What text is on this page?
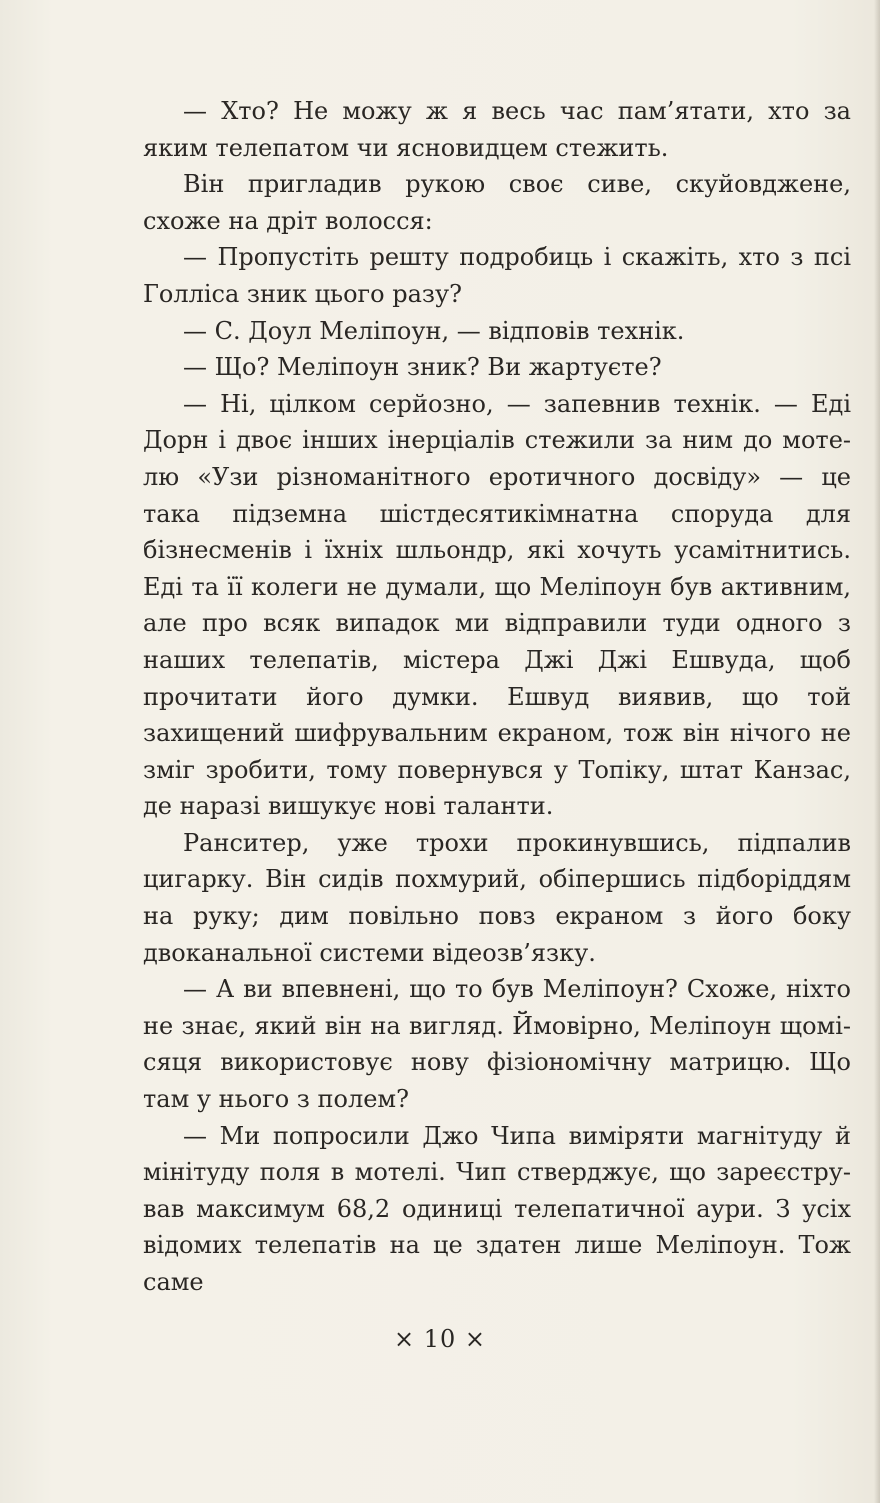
— Хто? Не можу ж я весь час пам’ятати, хто за яким телепатом чи ясновидцем стежить.

Він пригладив рукою своє сиве, скуйовджене, схоже на дріт волосся:

— Пропустіть решту подробиць і скажіть, хто з псі Голліса зник цього разу?

— С. Доул Меліпоун, — відповів технік.

— Що? Меліпоун зник? Ви жартуєте?

— Ні, цілком серйозно, — запевнив технік. — Еді Дорн і двоє інших інерціалів стежили за ним до мотелю «Узи різноманітного еротичного досвіду» — це така підземна шістдесятикімнатна споруда для бізнесменів і їхніх шльондр, які хочуть усамітнитись. Еді та її колеги не думали, що Меліпоун був активним, але про всяк випадок ми відправили туди одного з наших телепатів, містера Джі Джі Ешвуда, щоб прочитати його думки. Ешвуд виявив, що той захищений шифрувальним екраном, тож він нічого не зміг зробити, тому повернувся у Топіку, штат Канзас, де наразі вишукує нові таланти.

Ранситер, уже трохи прокинувшись, підпалив цигарку. Він сидів похмурий, обіпершись підборіддям на руку; дим повільно повз екраном з його боку двоканальної системи відеозв’язку.

— А ви впевнені, що то був Меліпоун? Схоже, ніхто не знає, який він на вигляд. Ймовірно, Меліпоун щомісяця використовує нову фізіономічну матрицю. Що там у нього з полем?

— Ми попросили Джо Чипа виміряти магнітуду й мінітуду поля в мотелі. Чип стверджує, що зареєстрував максимум 68,2 одиниці телепатичної аури. З усіх відомих телепатів на це здатен лише Меліпоун. Тож саме

× 10 ×
